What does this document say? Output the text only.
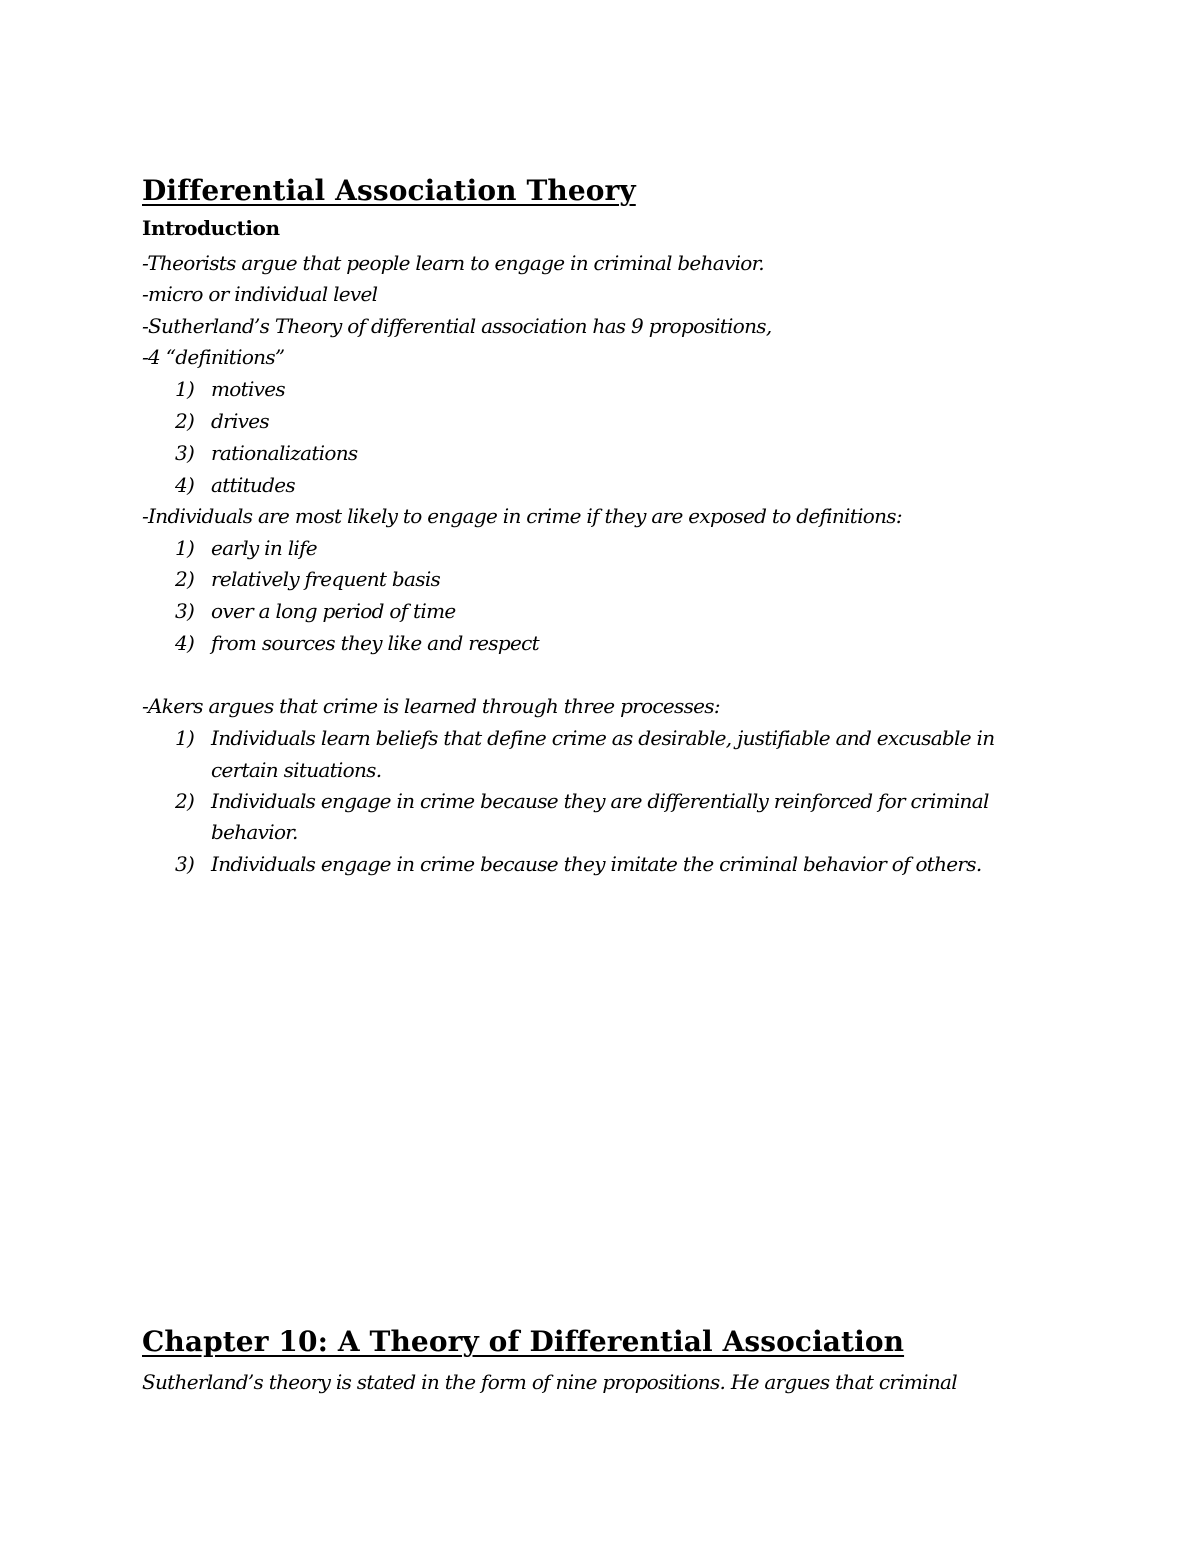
Differential Association Theory
Introduction
-Theorists argue that people learn to engage in criminal behavior.
-micro or individual level
-Sutherland’s Theory of differential association has 9 propositions,
-4 “definitions”
1) motives
2) drives
3) rationalizations
4) attitudes
-Individuals are most likely to engage in crime if they are exposed to definitions:
1) early in life
2) relatively frequent basis
3) over a long period of time
4) from sources they like and respect
-Akers argues that crime is learned through three processes:
1) Individuals learn beliefs that define crime as desirable, justifiable and excusable in
certain situations.
2) Individuals engage in crime because they are differentially reinforced for criminal
behavior.
3) Individuals engage in crime because they imitate the criminal behavior of others.
Chapter 10: A Theory of Differential Association
Sutherland’s theory is stated in the form of nine propositions. He argues that criminal
